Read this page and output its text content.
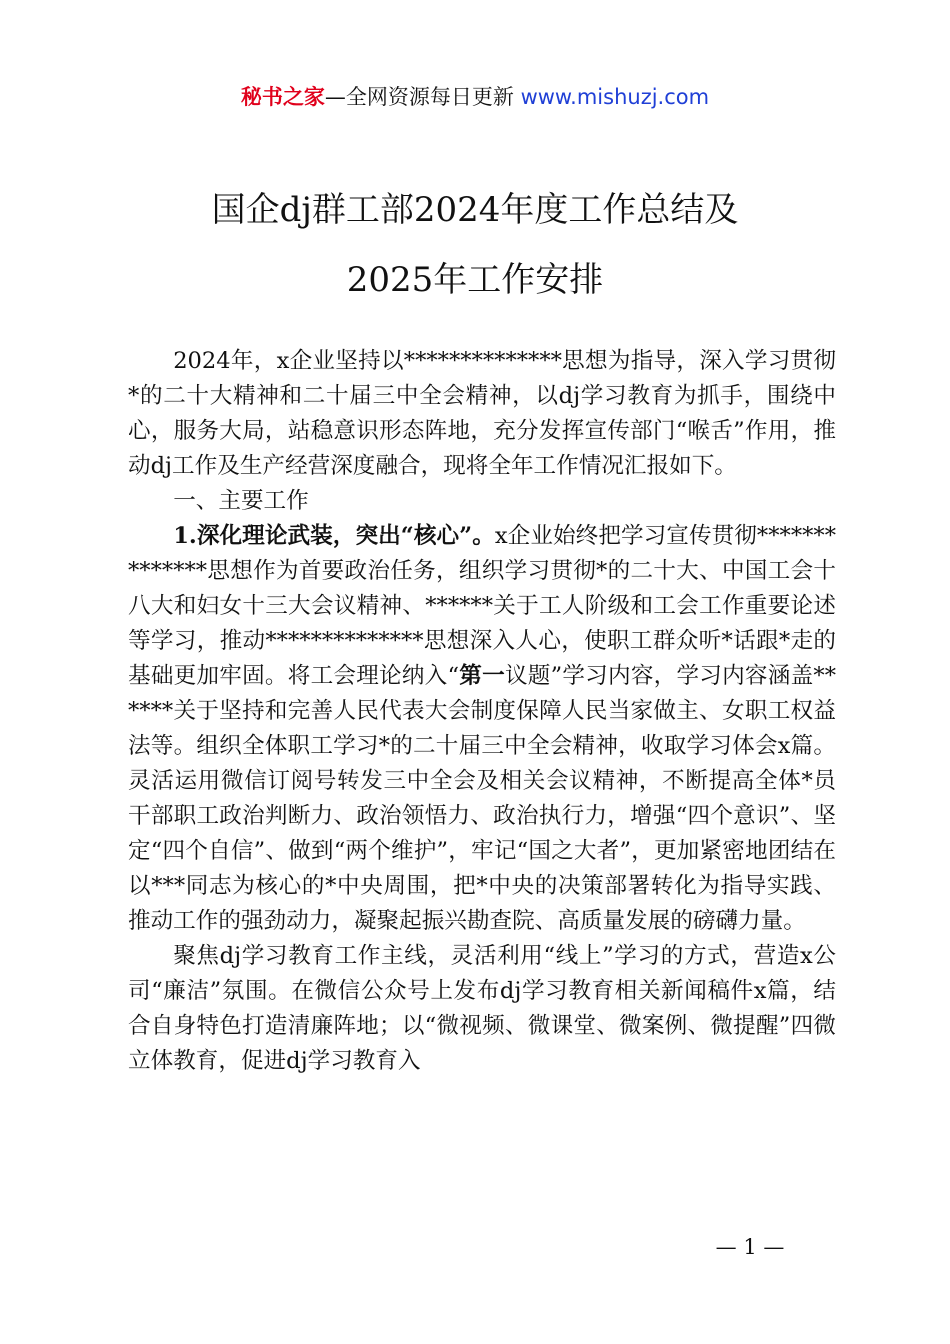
秘书之家—全网资源每日更新 www.mishuzj.com
国企dj群工部2024年度工作总结及
2025年工作安排

2024年，x企业坚持以**************思想为指导，深入学习贯彻*的二十大精神和二十届三中全会精神，以dj学习教育为抓手，围绕中心，服务大局，站稳意识形态阵地，充分发挥宣传部门“喉舌”作用，推动dj工作及生产经营深度融合，现将全年工作情况汇报如下。

一、主要工作

1.深化理论武装，突出“核心”。x企业始终把学习宣传贯彻**************思想作为首要政治任务，组织学习贯彻*的二十大、中国工会十八大和妇女十三大会议精神、******关于工人阶级和工会工作重要论述等学习，推动**************思想深入人心，使职工群众听*话跟*走的基础更加牢固。将工会理论纳入“第一议题”学习内容，学习内容涵盖******关于坚持和完善人民代表大会制度保障人民当家做主、女职工权益法等。组织全体职工学习*的二十届三中全会精神，收取学习体会x篇。灵活运用微信订阅号转发三中全会及相关会议精神，不断提高全体*员干部职工政治判断力、政治领悟力、政治执行力，增强“四个意识”、坚定“四个自信”、做到“两个维护”，牢记“国之大者”，更加紧密地团结在以***同志为核心的*中央周围，把*中央的决策部署转化为指导实践、推动工作的强劲动力，凝聚起振兴勘查院、高质量发展的磅礴力量。

聚焦dj学习教育工作主线，灵活利用“线上”学习的方式，营造x公司“廉洁”氛围。在微信公众号上发布dj学习教育相关新闻稿件x篇，结合自身特色打造清廉阵地；以“微视频、微课堂、微案例、微提醒”四微立体教育，促进dj学习教育入

— 1 —
